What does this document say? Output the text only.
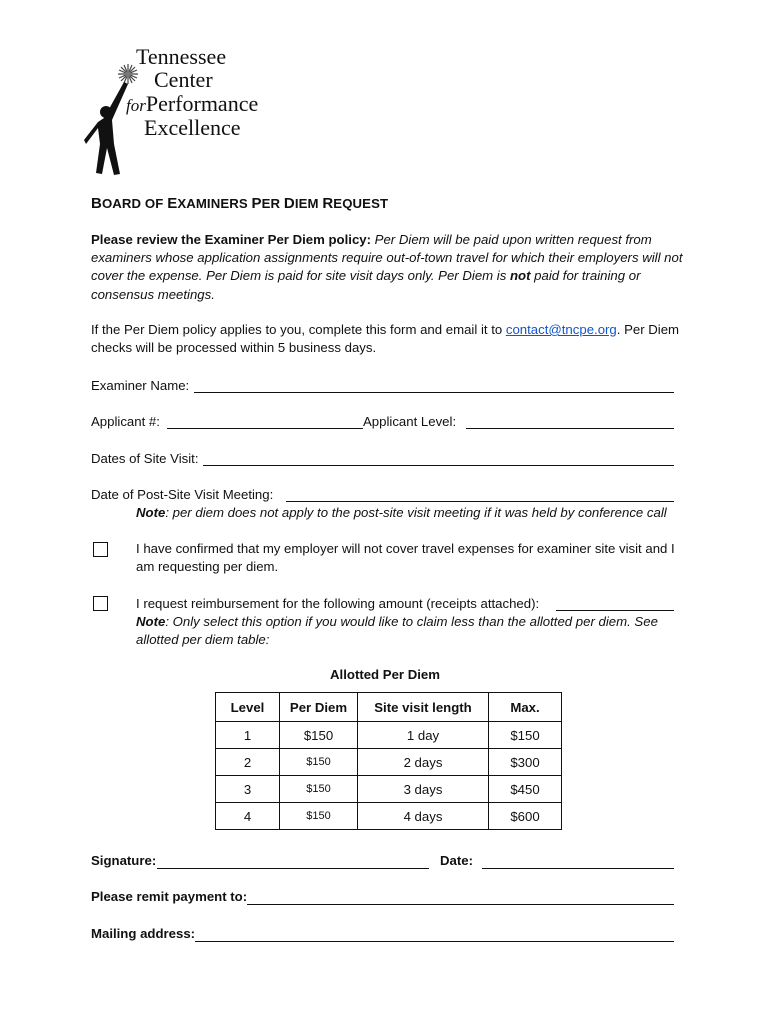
Tennessee
Center
forPerformance
Excellence
BOARD OF EXAMINERS PER DIEM REQUEST
Please review the Examiner Per Diem policy: Per Diem will be paid upon written request from examiners whose application assignments require out-of-town travel for which their employers will not cover the expense. Per Diem is paid for site visit days only. Per Diem is not paid for training or consensus meetings.
If the Per Diem policy applies to you, complete this form and email it to contact@tncpe.org. Per Diem checks will be processed within 5 business days.
Examiner Name:
Applicant #:	Applicant Level:
Dates of Site Visit:
Date of Post-Site Visit Meeting:
Note: per diem does not apply to the post-site visit meeting if it was held by conference call
I have confirmed that my employer will not cover travel expenses for examiner site visit and I am requesting per diem.
I request reimbursement for the following amount (receipts attached):
Note: Only select this option if you would like to claim less than the allotted per diem. See allotted per diem table:
Allotted Per Diem
Level	Per Diem	Site visit length	Max.
1	$150	1 day	$150
2	$150	2 days	$300
3	$150	3 days	$450
4	$150	4 days	$600
Signature:	Date:
Please remit payment to:
Mailing address:
